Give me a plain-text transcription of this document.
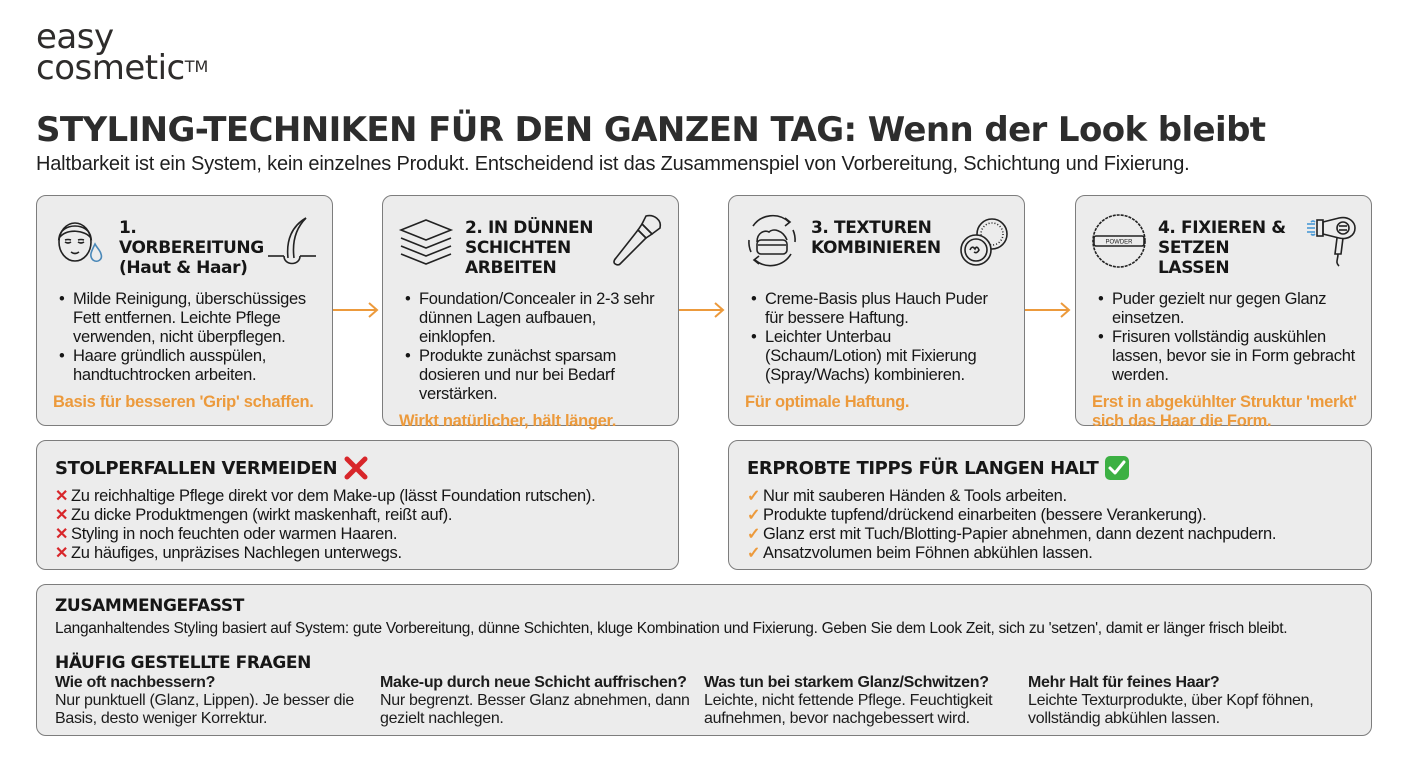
easy
cosmetic™
STYLING-TECHNIKEN FÜR DEN GANZEN TAG: Wenn der Look bleibt
Haltbarkeit ist ein System, kein einzelnes Produkt. Entscheidend ist das Zusammenspiel von Vorbereitung, Schichtung und Fixierung.
1. VORBEREITUNG (Haut & Haar)
• Milde Reinigung, überschüssiges Fett entfernen. Leichte Pflege verwenden, nicht überpflegen.
• Haare gründlich ausspülen, handtuchtrocken arbeiten.
Basis für besseren 'Grip' schaffen.
2. IN DÜNNEN SCHICHTEN ARBEITEN
• Foundation/Concealer in 2-3 sehr dünnen Lagen aufbauen, einklopfen.
• Produkte zunächst sparsam dosieren und nur bei Bedarf verstärken.
Wirkt natürlicher, hält länger.
3. TEXTUREN KOMBINIEREN
• Creme-Basis plus Hauch Puder für bessere Haftung.
• Leichter Unterbau (Schaum/Lotion) mit Fixierung (Spray/Wachs) kombinieren.
Für optimale Haftung.
POWDER
4. FIXIEREN & SETZEN LASSEN
• Puder gezielt nur gegen Glanz einsetzen.
• Frisuren vollständig auskühlen lassen, bevor sie in Form gebracht werden.
Erst in abgekühlter Struktur 'merkt' sich das Haar die Form.
STOLPERFALLEN VERMEIDEN
✕ Zu reichhaltige Pflege direkt vor dem Make-up (lässt Foundation rutschen).
✕ Zu dicke Produktmengen (wirkt maskenhaft, reißt auf).
✕ Styling in noch feuchten oder warmen Haaren.
✕ Zu häufiges, unpräzises Nachlegen unterwegs.
ERPROBTE TIPPS FÜR LANGEN HALT
✓ Nur mit sauberen Händen & Tools arbeiten.
✓ Produkte tupfend/drückend einarbeiten (bessere Verankerung).
✓ Glanz erst mit Tuch/Blotting-Papier abnehmen, dann dezent nachpudern.
✓ Ansatzvolumen beim Föhnen abkühlen lassen.
ZUSAMMENGEFASST
Langanhaltendes Styling basiert auf System: gute Vorbereitung, dünne Schichten, kluge Kombination und Fixierung. Geben Sie dem Look Zeit, sich zu 'setzen', damit er länger frisch bleibt.
HÄUFIG GESTELLTE FRAGEN
Wie oft nachbessern?
Nur punktuell (Glanz, Lippen). Je besser die Basis, desto weniger Korrektur.
Make-up durch neue Schicht auffrischen?
Nur begrenzt. Besser Glanz abnehmen, dann gezielt nachlegen.
Was tun bei starkem Glanz/Schwitzen?
Leichte, nicht fettende Pflege. Feuchtigkeit aufnehmen, bevor nachgebessert wird.
Mehr Halt für feines Haar?
Leichte Texturprodukte, über Kopf föhnen, vollständig abkühlen lassen.
